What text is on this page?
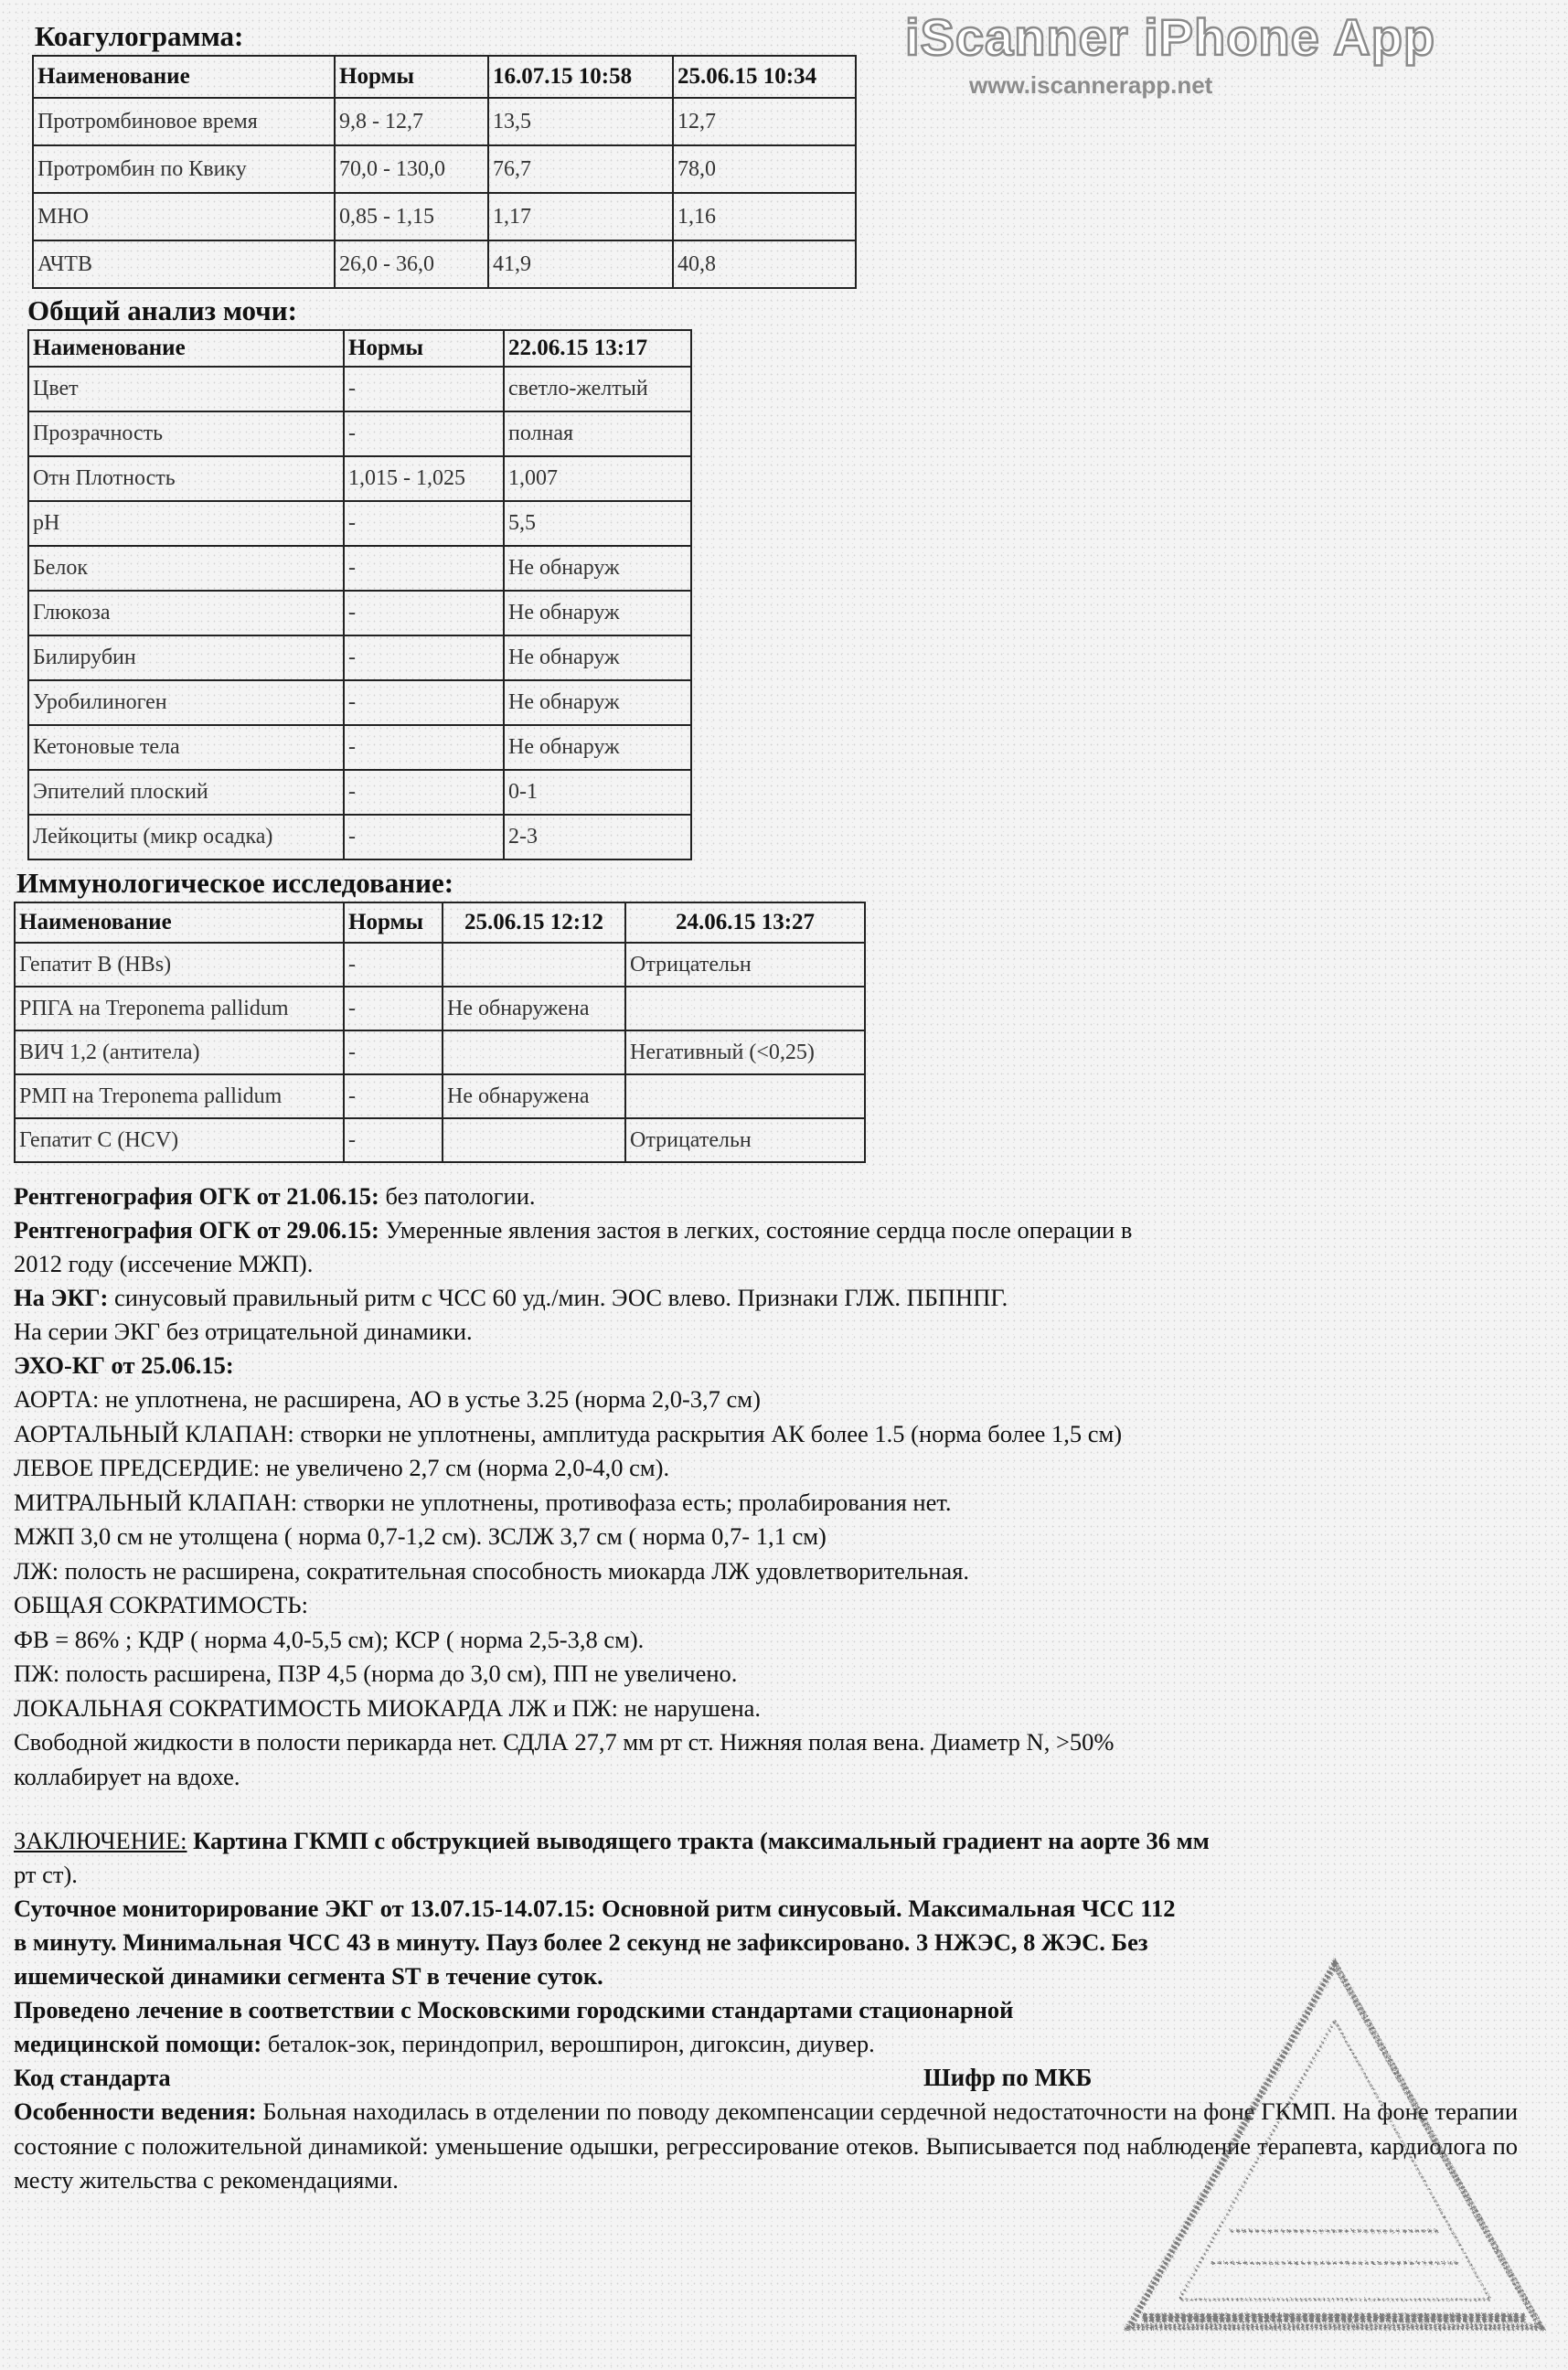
iScanner iPhone App
www.iscannerapp.net
Коагулограмма:
Наименование	Нормы	16.07.15 10:58	25.06.15 10:34
Протромбиновое время	9,8 - 12,7	13,5	12,7
Протромбин по Квику	70,0 - 130,0	76,7	78,0
МНО	0,85 - 1,15	1,17	1,16
АЧТВ	26,0 - 36,0	41,9	40,8
Общий анализ мочи:
Наименование	Нормы	22.06.15 13:17
Цвет	-	светло-желтый
Прозрачность	-	полная
Отн Плотность	1,015 - 1,025	1,007
pH	-	5,5
Белок	-	Не обнаруж
Глюкоза	-	Не обнаруж
Билирубин	-	Не обнаруж
Уробилиноген	-	Не обнаруж
Кетоновые тела	-	Не обнаруж
Эпителий плоский	-	0-1
Лейкоциты (микр осадка)	-	2-3
Иммунологическое исследование:
Наименование	Нормы	25.06.15 12:12	24.06.15 13:27
Гепатит В (HBs)	-		Отрицательн
РПГА на Treponema pallidum	-	Не обнаружена	
ВИЧ 1,2 (антитела)	-		Негативный (<0,25)
РМП на Treponema pallidum	-	Не обнаружена	
Гепатит С (HCV)	-		Отрицательн
Рентгенография ОГК от 21.06.15: без патологии.
Рентгенография ОГК от 29.06.15: Умеренные явления застоя в легких, состояние сердца после операции в
2012 году (иссечение МЖП).
На ЭКГ: синусовый правильный ритм с ЧСС 60 уд./мин. ЭОС влево. Признаки ГЛЖ. ПБПНПГ.
На серии ЭКГ без отрицательной динамики.
ЭХО-КГ от 25.06.15:
АОРТА: не уплотнена, не расширена, АО в устье 3.25 (норма 2,0-3,7 см)
АОРТАЛЬНЫЙ КЛАПАН: створки не уплотнены, амплитуда раскрытия АК более 1.5 (норма более 1,5 см)
ЛЕВОЕ ПРЕДСЕРДИЕ: не увеличено 2,7 см (норма 2,0-4,0 см).
МИТРАЛЬНЫЙ КЛАПАН: створки не уплотнены, противофаза есть; пролабирования нет.
МЖП 3,0 см не утолщена ( норма 0,7-1,2 см). ЗСЛЖ 3,7 см ( норма 0,7- 1,1 см)
ЛЖ: полость не расширена, сократительная способность миокарда ЛЖ удовлетворительная.
ОБЩАЯ СОКРАТИМОСТЬ:
ФВ = 86% ; КДР ( норма 4,0-5,5 см); КСР ( норма 2,5-3,8 см).
ПЖ: полость расширена, ПЗР 4,5 (норма до 3,0 см), ПП не увеличено.
ЛОКАЛЬНАЯ СОКРАТИМОСТЬ МИОКАРДА ЛЖ и ПЖ: не нарушена.
Свободной жидкости в полости перикарда нет. СДЛА 27,7 мм рт ст. Нижняя полая вена. Диаметр N, >50%
коллабирует на вдохе.
ЗАКЛЮЧЕНИЕ: Картина ГКМП с обструкцией выводящего тракта (максимальный градиент на аорте 36 мм
рт ст).
Суточное мониторирование ЭКГ от 13.07.15-14.07.15: Основной ритм синусовый. Максимальная ЧСС 112
в минуту. Минимальная ЧСС 43 в минуту. Пауз более 2 секунд не зафиксировано. 3 НЖЭС, 8 ЖЭС. Без
ишемической динамики сегмента ST в течение суток.
Проведено лечение в соответствии с Московскими городскими стандартами стационарной
медицинской помощи: беталок-зок, периндоприл, верошпирон, дигоксин, диувер.
Код стандарта	Шифр по МКБ
Особенности ведения: Больная находилась в отделении по поводу декомпенсации сердечной недостаточности на фоне ГКМП. На фоне терапии состояние с положительной динамикой: уменьшение одышки, регрессирование отеков. Выписывается под наблюдение терапевта, кардиолога по месту жительства с рекомендациями.
